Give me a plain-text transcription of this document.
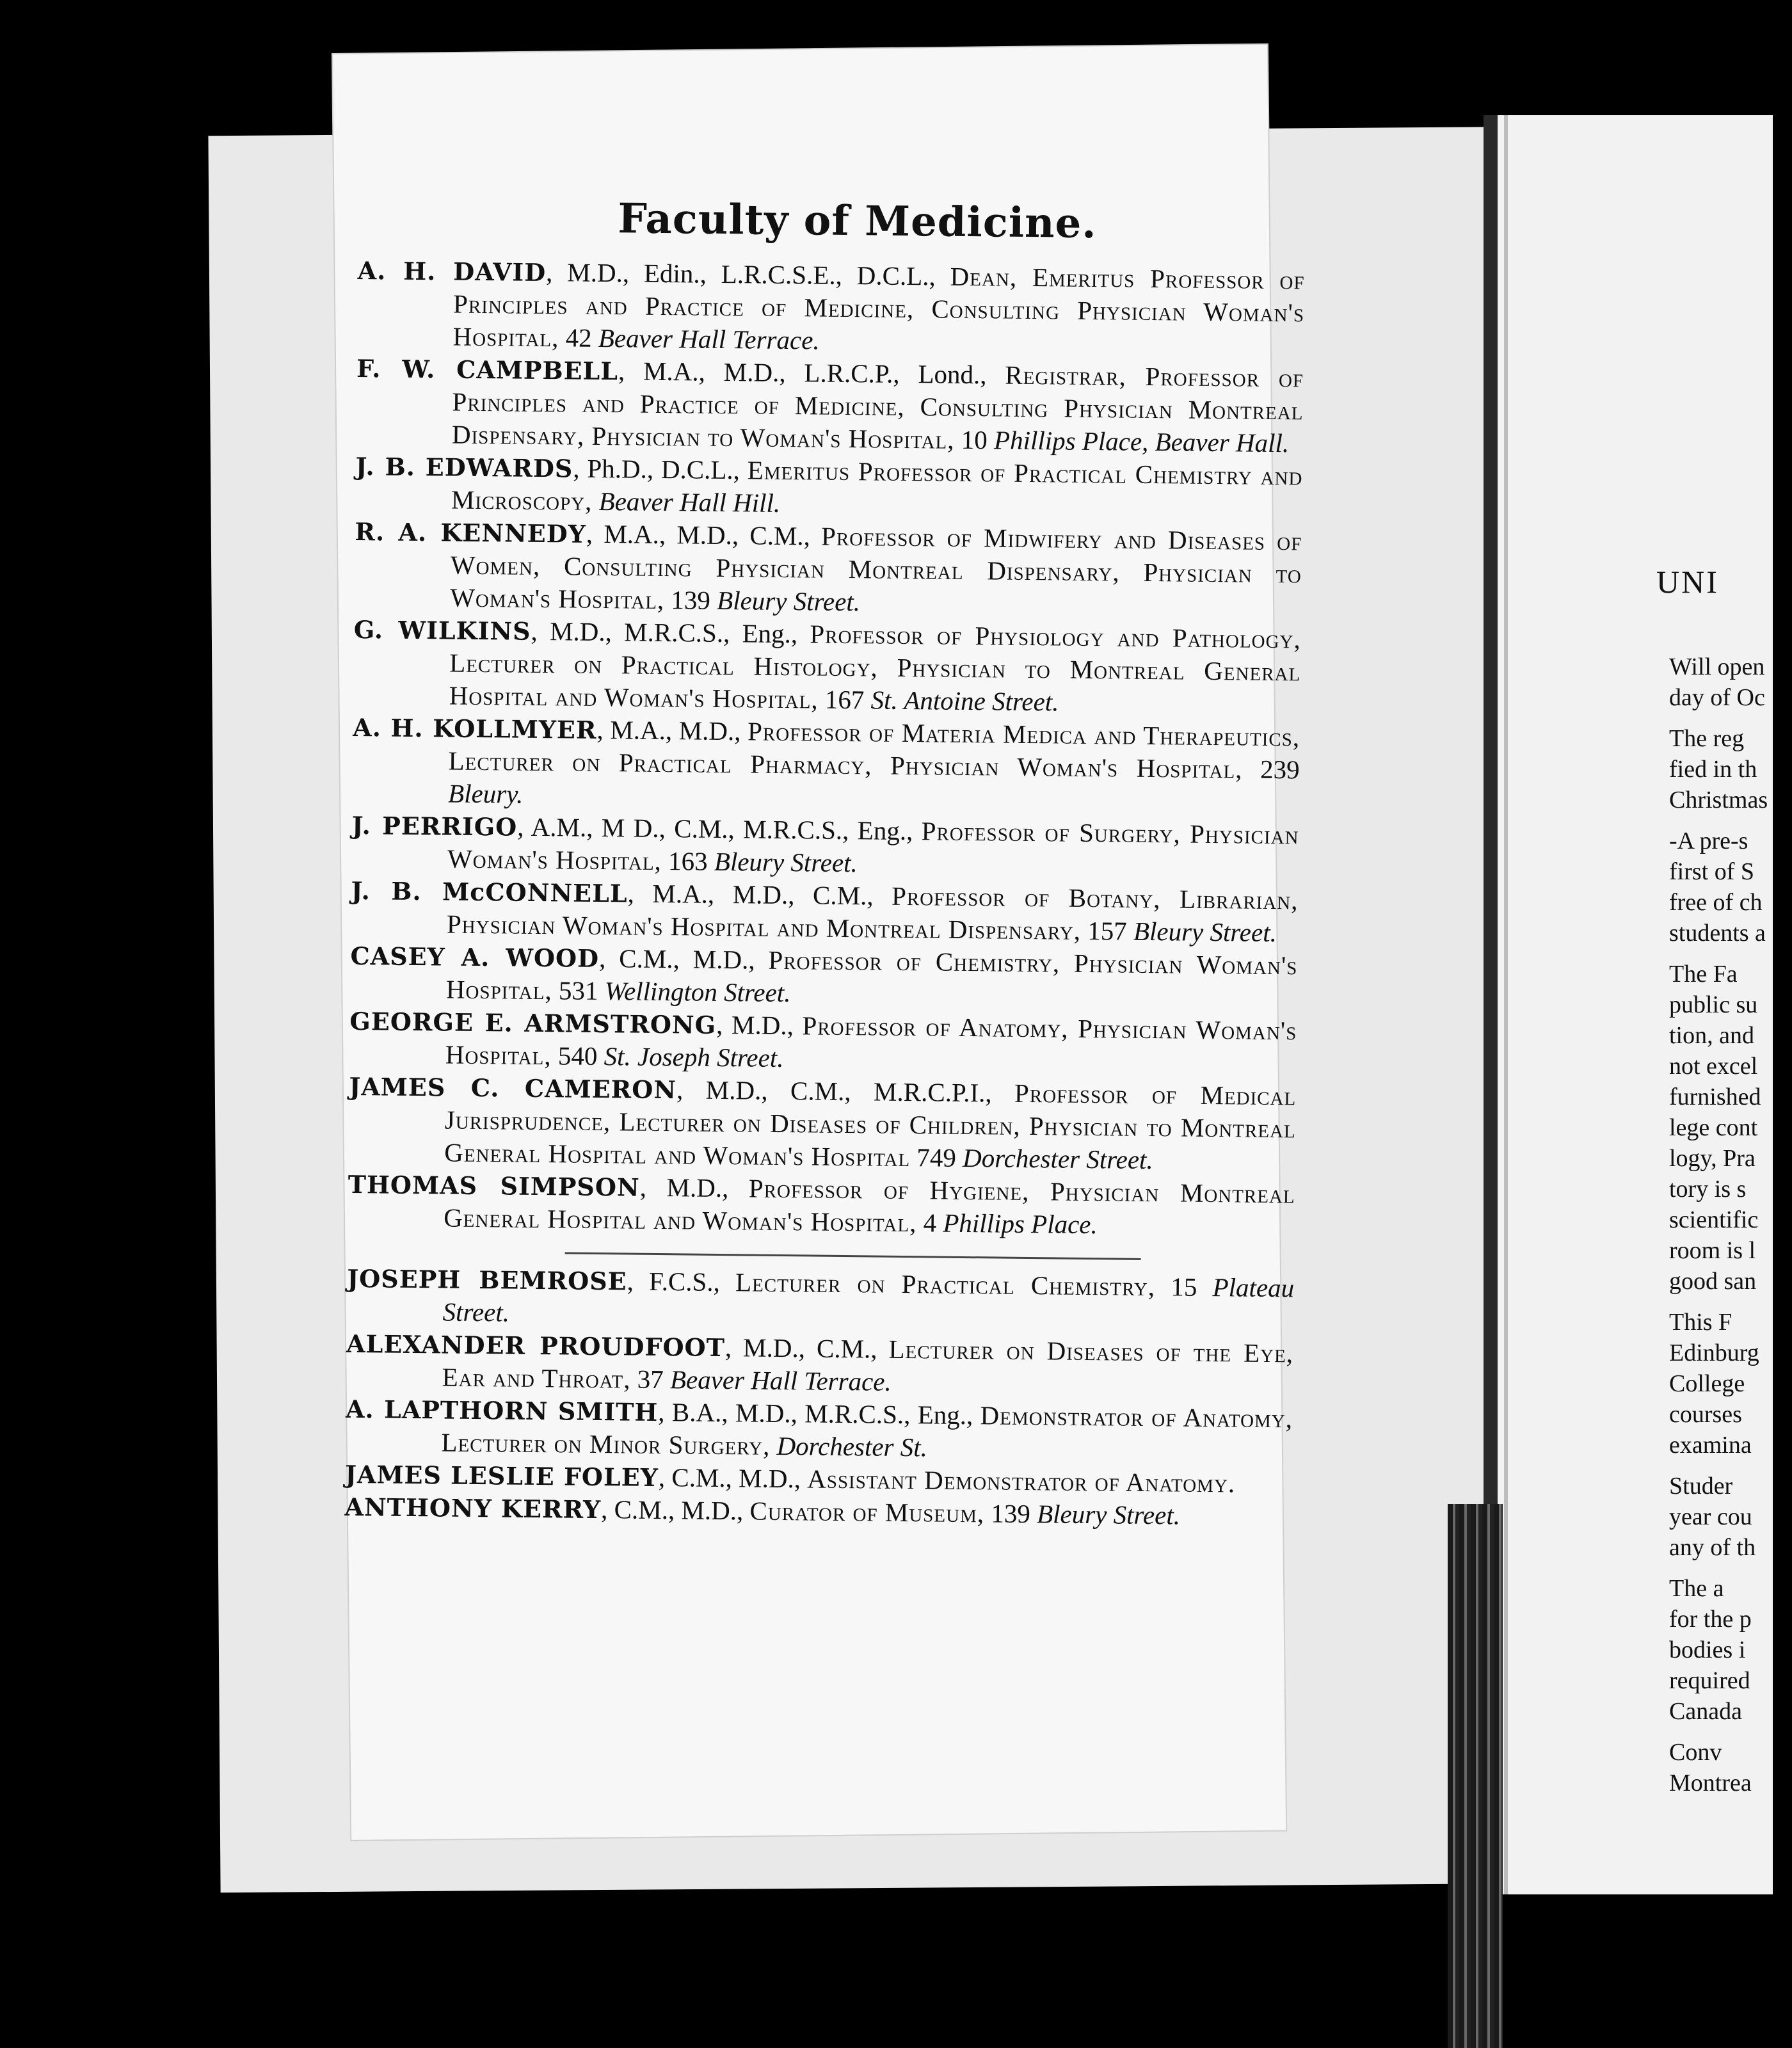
Faculty of Medicine.
A. H. DAVID, M.D., Edin., L.R.C.S.E., D.C.L., Dean, Emeritus Professor of Principles and Practice of Medicine, Consulting Physician Woman's Hospital, 42 Beaver Hall Terrace.
F. W. CAMPBELL, M.A., M.D., L.R.C.P., Lond., Registrar, Professor of Principles and Practice of Medicine, Consulting Physician Montreal Dispensary, Physician to Woman's Hospital, 10 Phillips Place, Beaver Hall.
J. B. EDWARDS, Ph.D., D.C.L., Emeritus Professor of Practical Chemistry and Microscopy, Beaver Hall Hill.
R. A. KENNEDY, M.A., M.D., C.M., Professor of Midwifery and Diseases of Women, Consulting Physician Montreal Dispensary, Physician to Woman's Hospital, 139 Bleury Street.
G. WILKINS, M.D., M.R.C.S., Eng., Professor of Physiology and Pathology, Lecturer on Practical Histology, Physician to Montreal General Hospital and Woman's Hospital, 167 St. Antoine Street.
A. H. KOLLMYER, M.A., M.D., Professor of Materia Medica and Therapeutics, Lecturer on Practical Pharmacy, Physician Woman's Hospital, 239 Bleury.
J. PERRIGO, A.M., M D., C.M., M.R.C.S., Eng., Professor of Surgery, Physician Woman's Hospital, 163 Bleury Street.
J. B. McCONNELL, M.A., M.D., C.M., Professor of Botany, Librarian, Physician Woman's Hospital and Montreal Dispensary, 157 Bleury Street.
CASEY A. WOOD, C.M., M.D., Professor of Chemistry, Physician Woman's Hospital, 531 Wellington Street.
GEORGE E. ARMSTRONG, M.D., Professor of Anatomy, Physician Woman's Hospital, 540 St. Joseph Street.
JAMES C. CAMERON, M.D., C.M., M.R.C.P.I., Professor of Medical Jurisprudence, Lecturer on Diseases of Children, Physician to Montreal General Hospital and Woman's Hospital 749 Dorchester Street.
THOMAS SIMPSON, M.D., Professor of Hygiene, Physician Montreal General Hospital and Woman's Hospital, 4 Phillips Place.
JOSEPH BEMROSE, F.C.S., Lecturer on Practical Chemistry, 15 Plateau Street.
ALEXANDER PROUDFOOT, M.D., C.M., Lecturer on Diseases of the Eye, Ear and Throat, 37 Beaver Hall Terrace.
A. LAPTHORN SMITH, B.A., M.D., M.R.C.S., Eng., Demonstrator of Anatomy, Lecturer on Minor Surgery, Dorchester St.
JAMES LESLIE FOLEY, C.M., M.D., Assistant Demonstrator of Anatomy.
ANTHONY KERRY, C.M., M.D., Curator of Museum, 139 Bleury Street.
UNI
Will open
day of Oc
The reg
fied in th
Christmas
-A pre-s
first of S
free of ch
students a
The Fa
public su
tion, and
not excel
furnished
lege cont
logy, Pra
tory is s
scientific
room is l
good san
This F
Edinburg
College
courses
examina
Studer
year cou
any of th
The a
for the p
bodies i
required
Canada
Conv
Montrea
